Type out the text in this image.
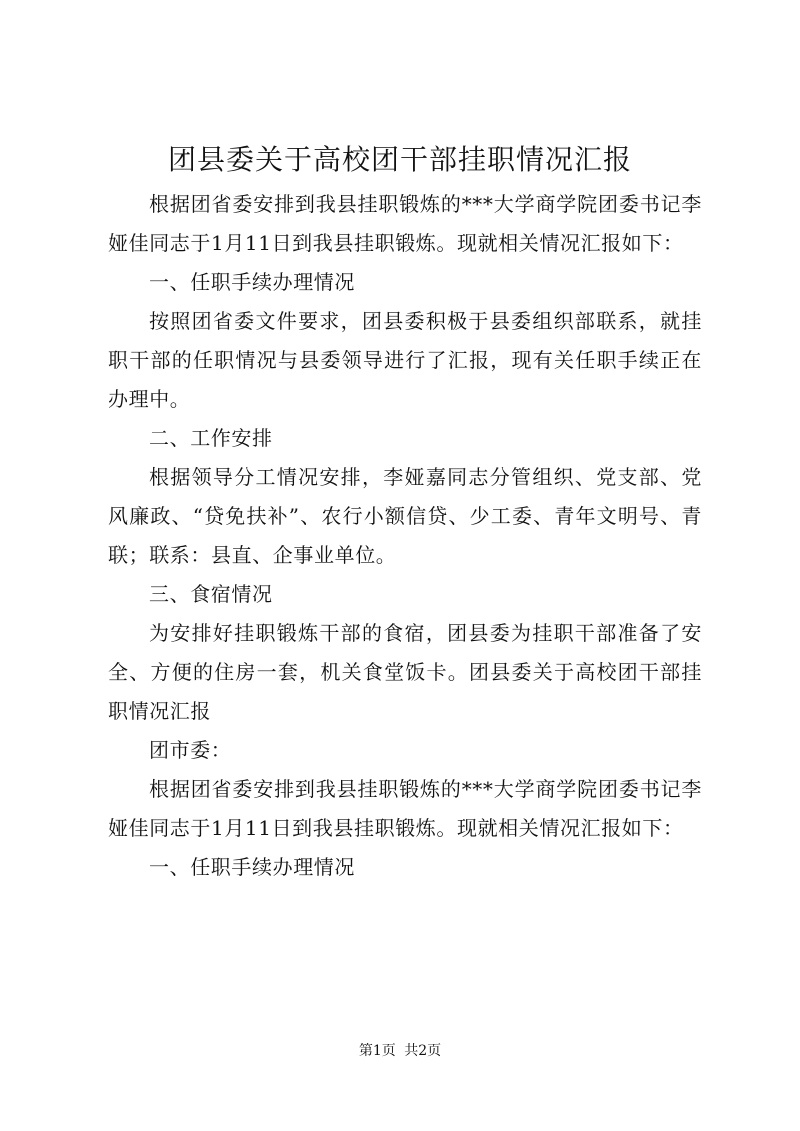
团县委关于高校团干部挂职情况汇报

根据团省委安排到我县挂职锻炼的***大学商学院团委书记李娅佳同志于1月11日到我县挂职锻炼。现就相关情况汇报如下：

一、任职手续办理情况

按照团省委文件要求，团县委积极于县委组织部联系，就挂职干部的任职情况与县委领导进行了汇报，现有关任职手续正在办理中。

二、工作安排

根据领导分工情况安排，李娅嘉同志分管组织、党支部、党风廉政、“贷免扶补”、农行小额信贷、少工委、青年文明号、青联；联系：县直、企事业单位。

三、食宿情况

为安排好挂职锻炼干部的食宿，团县委为挂职干部准备了安全、方便的住房一套，机关食堂饭卡。团县委关于高校团干部挂职情况汇报

团市委：

根据团省委安排到我县挂职锻炼的***大学商学院团委书记李娅佳同志于1月11日到我县挂职锻炼。现就相关情况汇报如下：

一、任职手续办理情况

第1页 共2页
